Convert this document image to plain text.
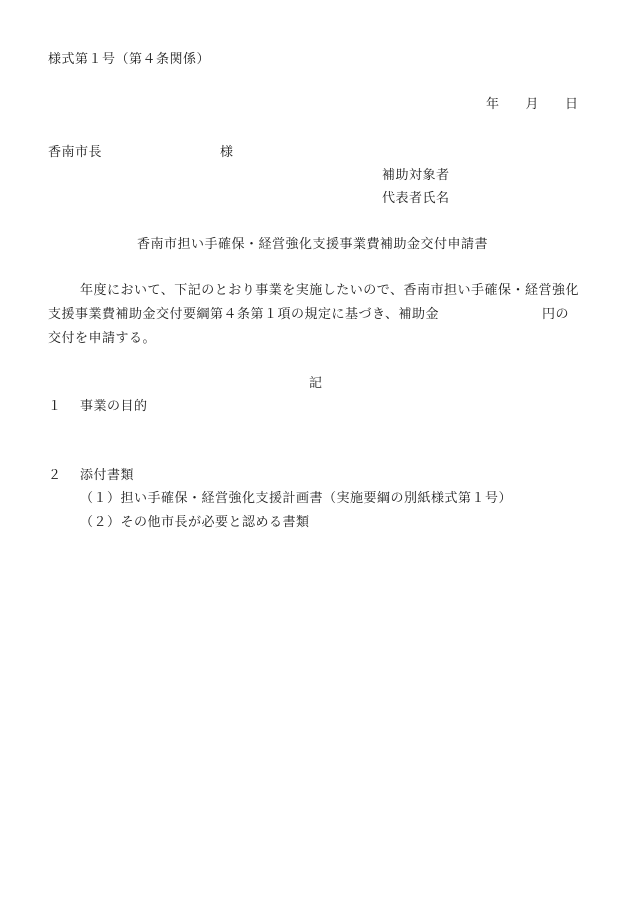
様式第１号（第４条関係）
年 月 日
香南市長	様
補助対象者
代表者氏名
香南市担い手確保・経営強化支援事業費補助金交付申請書
年度において、下記のとおり事業を実施したいので、香南市担い手確保・経営強化
支援事業費補助金交付要綱第４条第１項の規定に基づき、補助金	円の
交付を申請する。
記
１ 事業の目的
２ 添付書類
（１）担い手確保・経営強化支援計画書（実施要綱の別紙様式第１号）
（２）その他市長が必要と認める書類
